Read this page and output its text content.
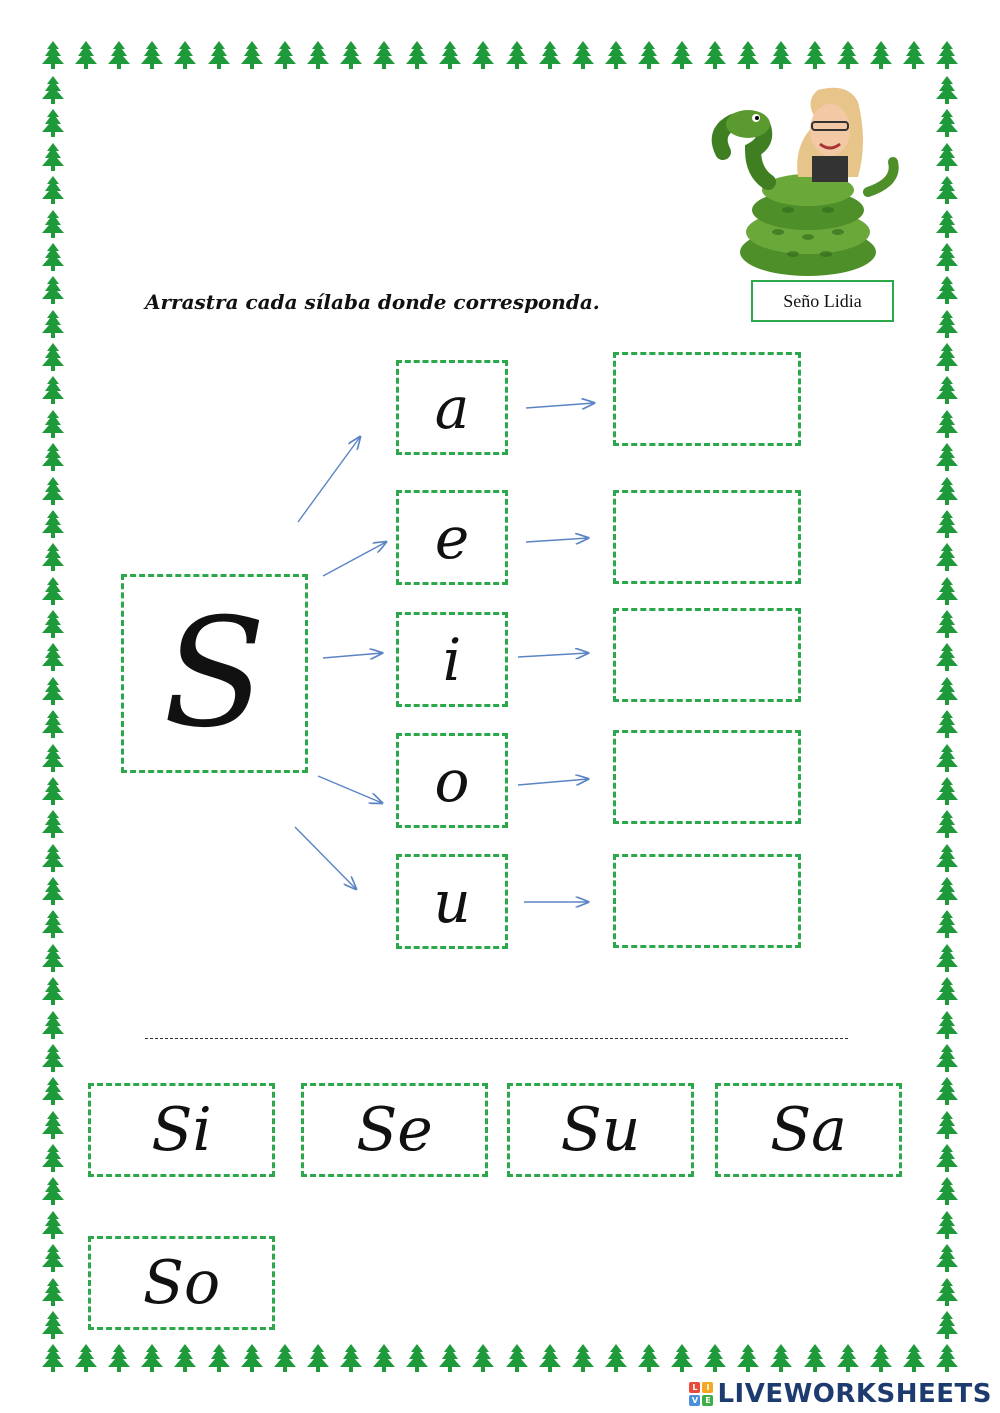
Arrastra cada sílaba donde corresponda.	Seño Lidia
S
a
e
i
o
u
Si Se Su Sa
So
L	I
V E LIVEWORKSHEETS
